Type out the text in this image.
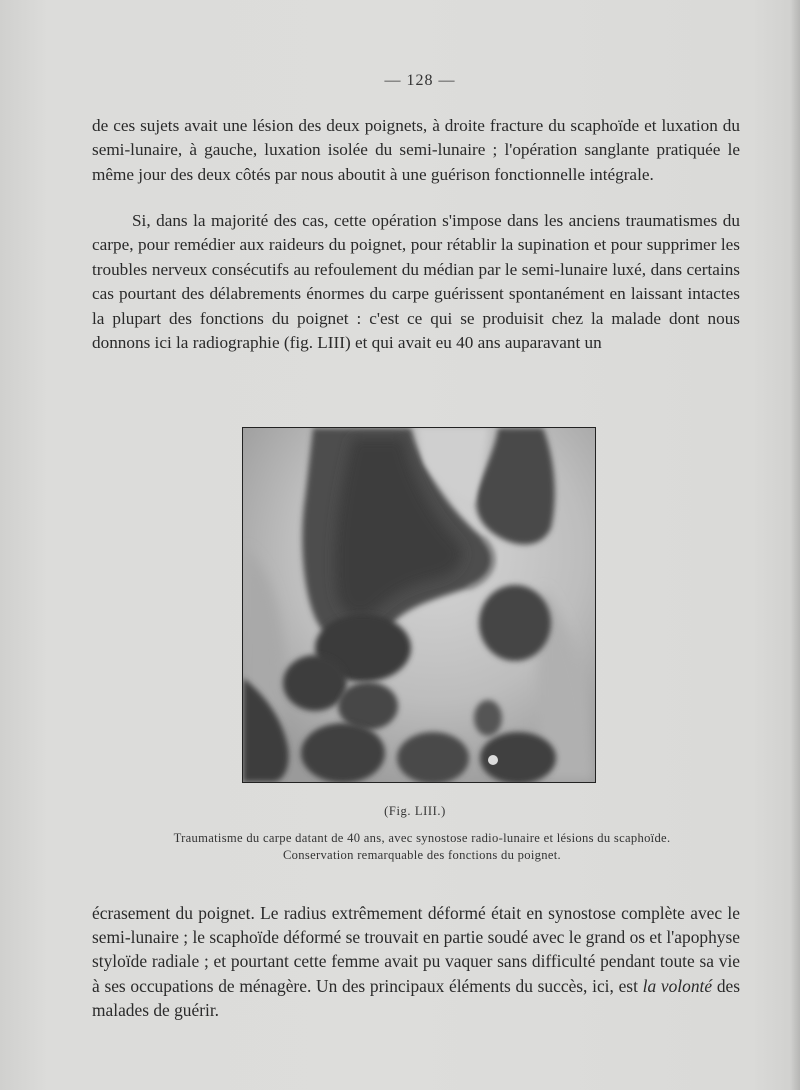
— 128 —

de ces sujets avait une lésion des deux poignets, à droite fracture du scaphoïde et luxation du semi-lunaire, à gauche, luxation isolée du semi-lunaire ; l'opération sanglante pratiquée le même jour des deux côtés par nous aboutit à une guérison fonctionnelle intégrale.

Si, dans la majorité des cas, cette opération s'impose dans les anciens traumatismes du carpe, pour remédier aux raideurs du poignet, pour rétablir la supination et pour supprimer les troubles nerveux consécutifs au refoulement du médian par le semi-lunaire luxé, dans certains cas pourtant des délabrements énormes du carpe guérissent spontanément en laissant intactes la plupart des fonctions du poignet : c'est ce qui se produisit chez la malade dont nous donnons ici la radiographie (fig. LIII) et qui avait eu 40 ans auparavant un

(Fig. LIII.)
Traumatisme du carpe datant de 40 ans, avec synostose radio-lunaire et lésions du scaphoïde.
Conservation remarquable des fonctions du poignet.

écrasement du poignet. Le radius extrêmement déformé était en synostose complète avec le semi-lunaire ; le scaphoïde déformé se trouvait en partie soudé avec le grand os et l'apophyse styloïde radiale ; et pourtant cette femme avait pu vaquer sans difficulté pendant toute sa vie à ses occupations de ménagère. Un des principaux éléments du succès, ici, est la volonté des malades de guérir.
